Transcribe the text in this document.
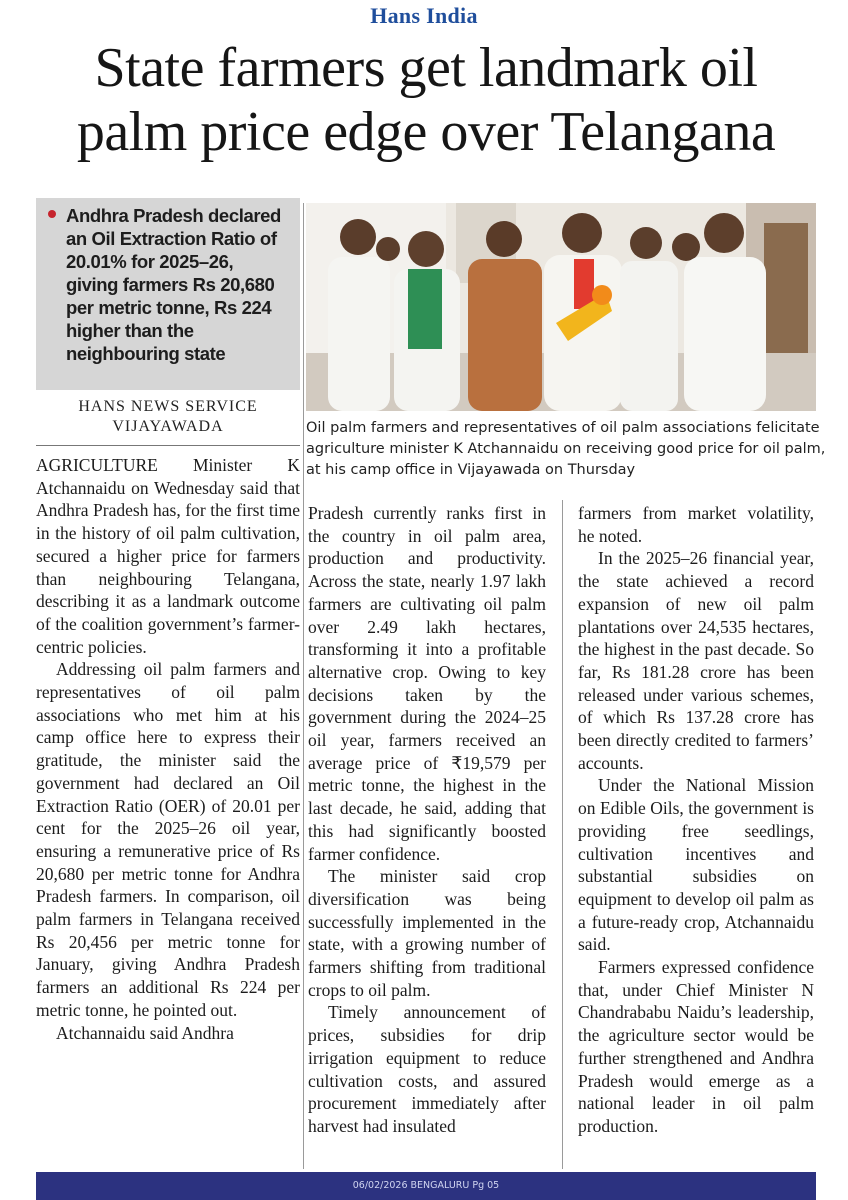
Hans India
State farmers get landmark oil palm price edge over Telangana

Andhra Pradesh declared an Oil Extraction Ratio of 20.01% for 2025–26, giving farmers Rs 20,680 per metric tonne, Rs 224 higher than the neighbouring state

HANS NEWS SERVICE
VIJAYAWADA	Oil palm farmers and representatives of oil palm associations felicitate agriculture minister K Atchannaidu on receiving good price for oil palm, at his camp office in Vijayawada on Thursday

AGRICULTURE Minister K Atchannaidu on Wednesday said that Andhra Pradesh has, for the first time in the history of oil palm cultivation, secured a higher price for farmers than neighbouring Telangana, describing it as a landmark outcome of the coalition government’s farmer-centric policies.

Addressing oil palm farmers and representatives of oil palm associations who met him at his camp office here to express their gratitude, the minister said the government had declared an Oil Extraction Ratio (OER) of 20.01 per cent for the 2025–26 oil year, ensuring a remunerative price of Rs 20,680 per metric tonne for Andhra Pradesh farmers. In comparison, oil palm farmers in Telangana received Rs 20,456 per metric tonne for January, giving Andhra Pradesh farmers an additional Rs 224 per metric tonne, he pointed out.

Atchannaidu said Andhra

Pradesh currently ranks first in the country in oil palm area, production and productivity. Across the state, nearly 1.97 lakh farmers are cultivating oil palm over 2.49 lakh hectares, transforming it into a profitable alternative crop. Owing to key decisions taken by the government during the 2024–25 oil year, farmers received an average price of ₹19,579 per metric tonne, the highest in the last decade, he said, adding that this had significantly boosted farmer confidence.

The minister said crop diversification was being successfully implemented in the state, with a growing number of farmers shifting from traditional crops to oil palm.

Timely announcement of prices, subsidies for drip irrigation equipment to reduce cultivation costs, and assured procurement immediately after harvest had insulated

farmers from market volatility, he noted.

In the 2025–26 financial year, the state achieved a record expansion of new oil palm plantations over 24,535 hectares, the highest in the past decade. So far, Rs 181.28 crore has been released under various schemes, of which Rs 137.28 crore has been directly credited to farmers’ accounts.

Under the National Mission on Edible Oils, the government is providing free seedlings, cultivation incentives and substantial subsidies on equipment to develop oil palm as a future-ready crop, Atchannaidu said.

Farmers expressed confidence that, under Chief Minister N Chandrababu Naidu’s leadership, the agriculture sector would be further strengthened and Andhra Pradesh would emerge as a national leader in oil palm production.

06/02/2026 BENGALURU Pg 05
